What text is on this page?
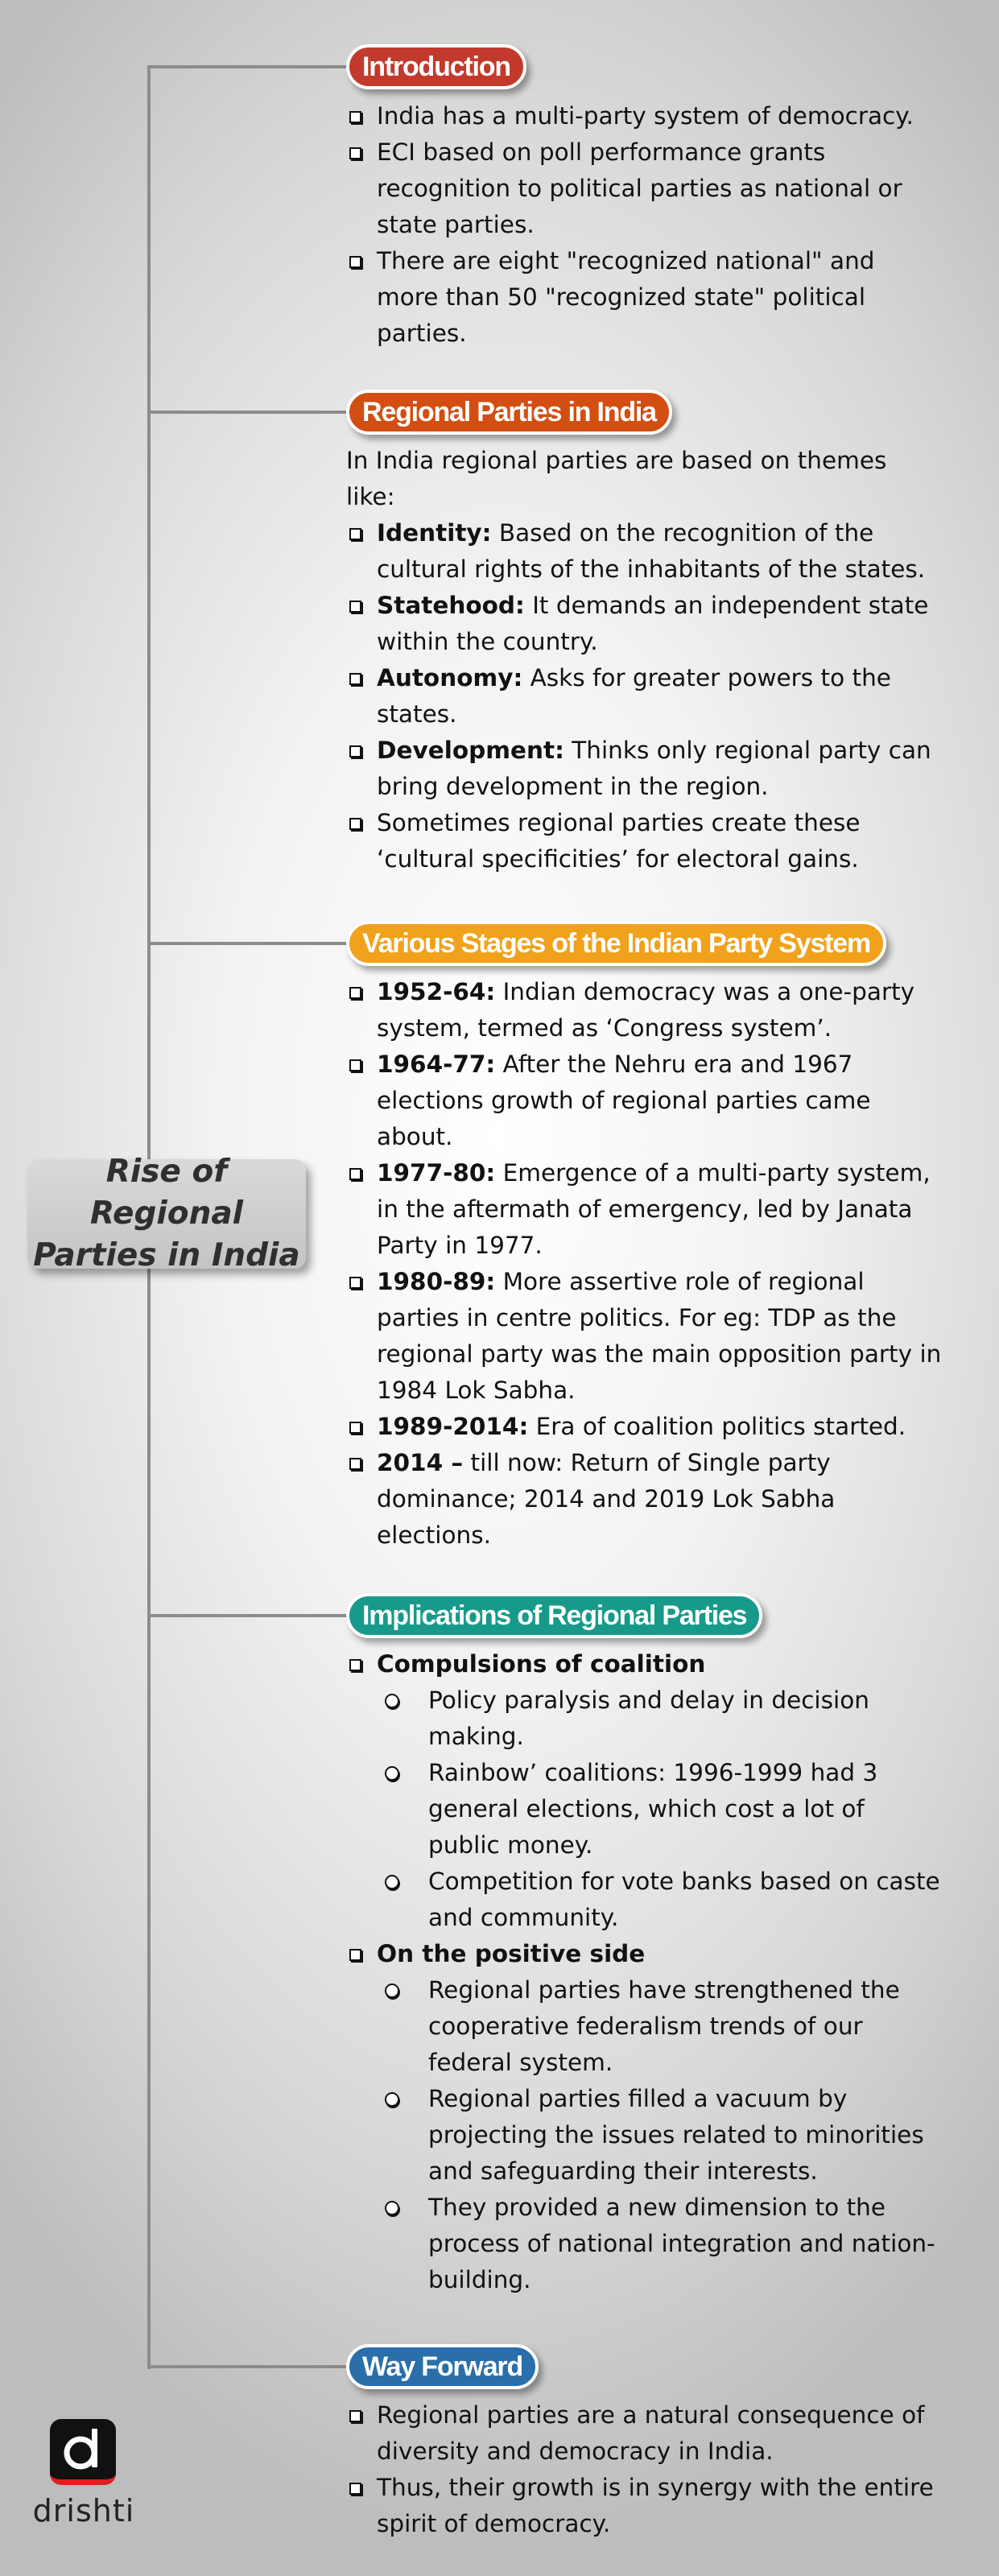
Rise of Regional
Parties in India
Introduction
India has a multi-party system of democracy.
ECI based on poll performance grants recognition to political parties as national or state parties.
There are eight "recognized national" and more than 50 "recognized state" political parties.
Regional Parties in India

In India regional parties are based on themes like:

Identity: Based on the recognition of the cultural rights of the inhabitants of the states.
Statehood: It demands an independent state within the country.
Autonomy: Asks for greater powers to the states.
Development: Thinks only regional party can bring development in the region.
Sometimes regional parties create these ‘cultural specificities’ for electoral gains.
Various Stages of the Indian Party System
1952-64: Indian democracy was a one-party system, termed as ‘Congress system’.
1964-77: After the Nehru era and 1967 elections growth of regional parties came about.
1977-80: Emergence of a multi-party system, in the aftermath of emergency, led by Janata Party in 1977.
1980-89: More assertive role of regional parties in centre politics. For eg: TDP as the regional party was the main opposition party in 1984 Lok Sabha.
1989-2014: Era of coalition politics started.
2014 – till now: Return of Single party dominance; 2014 and 2019 Lok Sabha elections.
Implications of Regional Parties
Compulsions of coalition
Policy paralysis and delay in decision making.
Rainbow’ coalitions: 1996-1999 had 3 general elections, which cost a lot of public money.
Competition for vote banks based on caste and community.
On the positive side
Regional parties have strengthened the cooperative federalism trends of our federal system.
Regional parties filled a vacuum by projecting the issues related to minorities and safeguarding their interests.
They provided a new dimension to the process of national integration and nation-building.
Way Forward
Regional parties are a natural consequence of diversity and democracy in India.
Thus, their growth is in synergy with the entire spirit of democracy.
drishti
